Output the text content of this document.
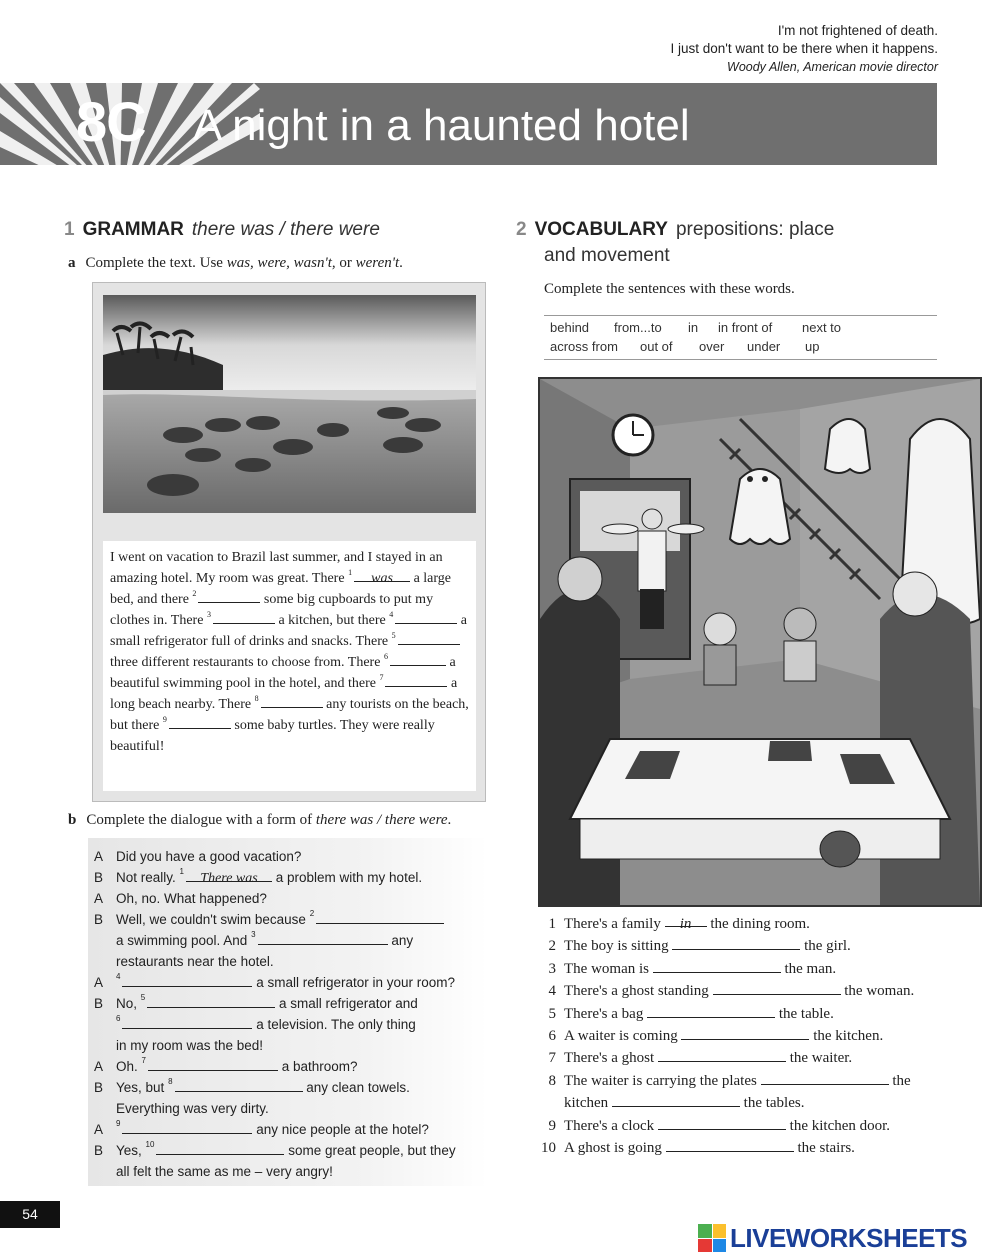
I'm not frightened of death.
I just don't want to be there when it happens.
Woody Allen, American movie director
8C A night in a haunted hotel
1 GRAMMAR there was / there were
a Complete the text. Use was, were, wasn't, or weren't.
I went on vacation to Brazil last summer, and I stayed in an amazing hotel. My room was great. There $^1$ was a large bed, and there $^2$	some big cupboards to put my clothes in. There $^3$	a kitchen, but there $^4$	a small refrigerator full of drinks and snacks. There $^5$ three different restaurants to choose from. There $^6$	a beautiful swimming pool in the hotel, and there $^7$	a long beach nearby. There $^8$	any tourists on the beach, but there $^9$	some baby turtles. They were really beautiful!
b Complete the dialogue with a form of there was / there were.
A Did you have a good vacation?
B Not really. $^1$ There was a problem with my hotel.
A Oh, no. What happened?
B Well, we couldn't swim because $^2$
a swimming pool. And $^3$	any
restaurants near the hotel.
A	$^4$	a small refrigerator in your room?
B No, $^5$	a small refrigerator and
$^6$	a television. The only thing
in my room was the bed!
A Oh. $^7$	a bathroom?
B Yes, but $^8$	any clean towels.
Everything was very dirty.
A	$^9$	any nice people at the hotel?
B Yes, $^{10}$	some great people, but they
all felt the same as me – very angry!
2 VOCABULARY prepositions: place
and movement
Complete the sentences with these words.
behind from...to in in front of next to
across from out of over under up
1 There's a family in the dining room.
2 The boy is sitting	the girl.
3 The woman is	the man.
4 There's a ghost standing	the woman.
5 There's a bag	the table.
6 A waiter is coming	the kitchen.
7 There's a ghost	the waiter.
8 The waiter is carrying the plates	the
kitchen	the tables.
9 There's a clock	the kitchen door.
10 A ghost is going	the stairs.
54
LIVEWORKSHEETS
